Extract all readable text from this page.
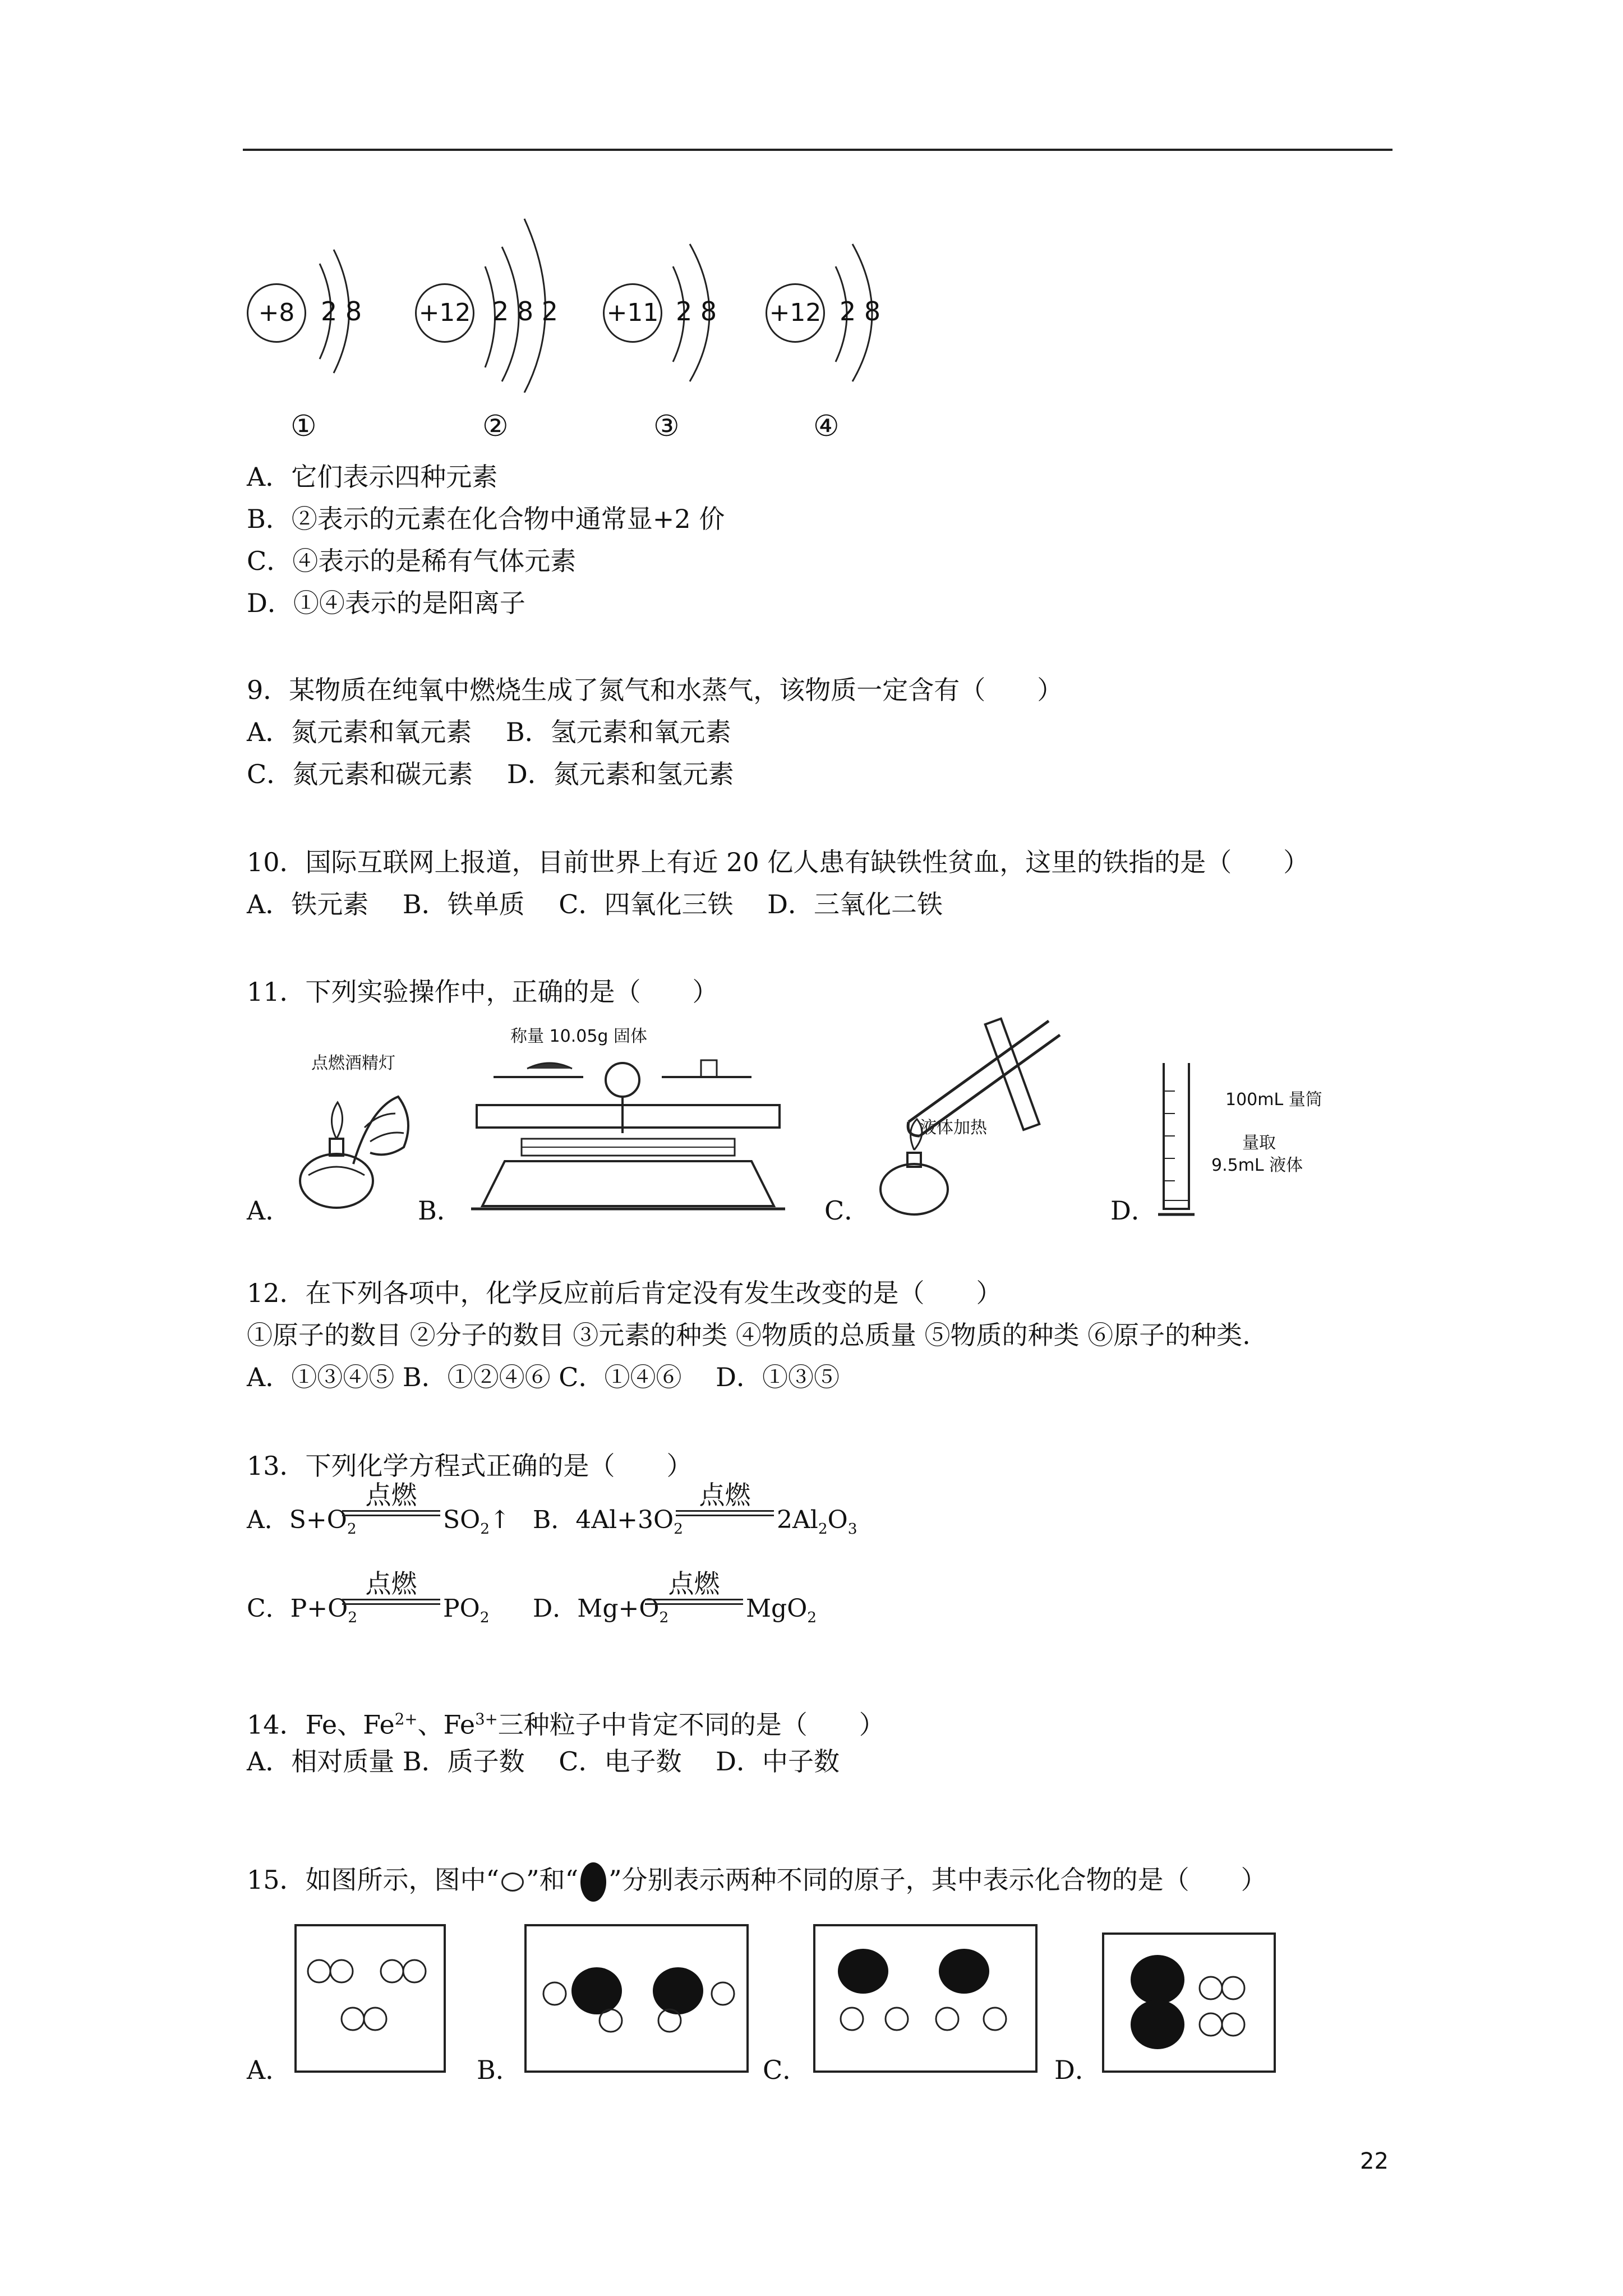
+8	2 8
①
+12 2 8 2
②
+11 2 8
③
+12 2 8
④
A．它们表示四种元素
B．②表示的元素在化合物中通常显+2 价
C．④表示的是稀有气体元素
D．①④表示的是阳离子
9．某物质在纯氧中燃烧生成了氮气和水蒸气，该物质一定含有（　　）
A．氮元素和氧元素　 B．氢元素和氧元素
C．氮元素和碳元素　 D．氮元素和氢元素
10．国际互联网上报道，目前世界上有近 20 亿人患有缺铁性贫血，这里的铁指的是（　　）
A．铁元素　 B．铁单质　 C．四氧化三铁　 D．三氧化二铁
11．下列实验操作中，正确的是（　　）
A．
点燃酒精灯
B．
称量 10.05g 固体
C．
液体加热
D．
100mL 量筒
量取
9.5mL 液体
12．在下列各项中，化学反应前后肯定没有发生改变的是（　　）
①原子的数目 ②分子的数目 ③元素的种类 ④物质的总质量 ⑤物质的种类 ⑥原子的种类.
A．①③④⑤ B．①②④⑥ C．①④⑥　 D．①③⑤
13．下列化学方程式正确的是（　　）
A．$S+O_2$
点燃
$SO_2↑$ B．$4Al+3O_2$
点燃
$2Al_2O_3$
C．$P+O_2$
点燃
$PO_2$ D．$Mg+O_2$
点燃
MgO$_2$
14．Fe、$Fe^{2+}$、$Fe^{3+}$三种粒子中肯定不同的是（　　）
A．相对质量 B．质子数　 C．电子数　 D．中子数
15．如图所示，图中“ ”和“ ”分别表示两种不同的原子，其中表示化合物的是（　　）
A．	B．	C．	D．
22
